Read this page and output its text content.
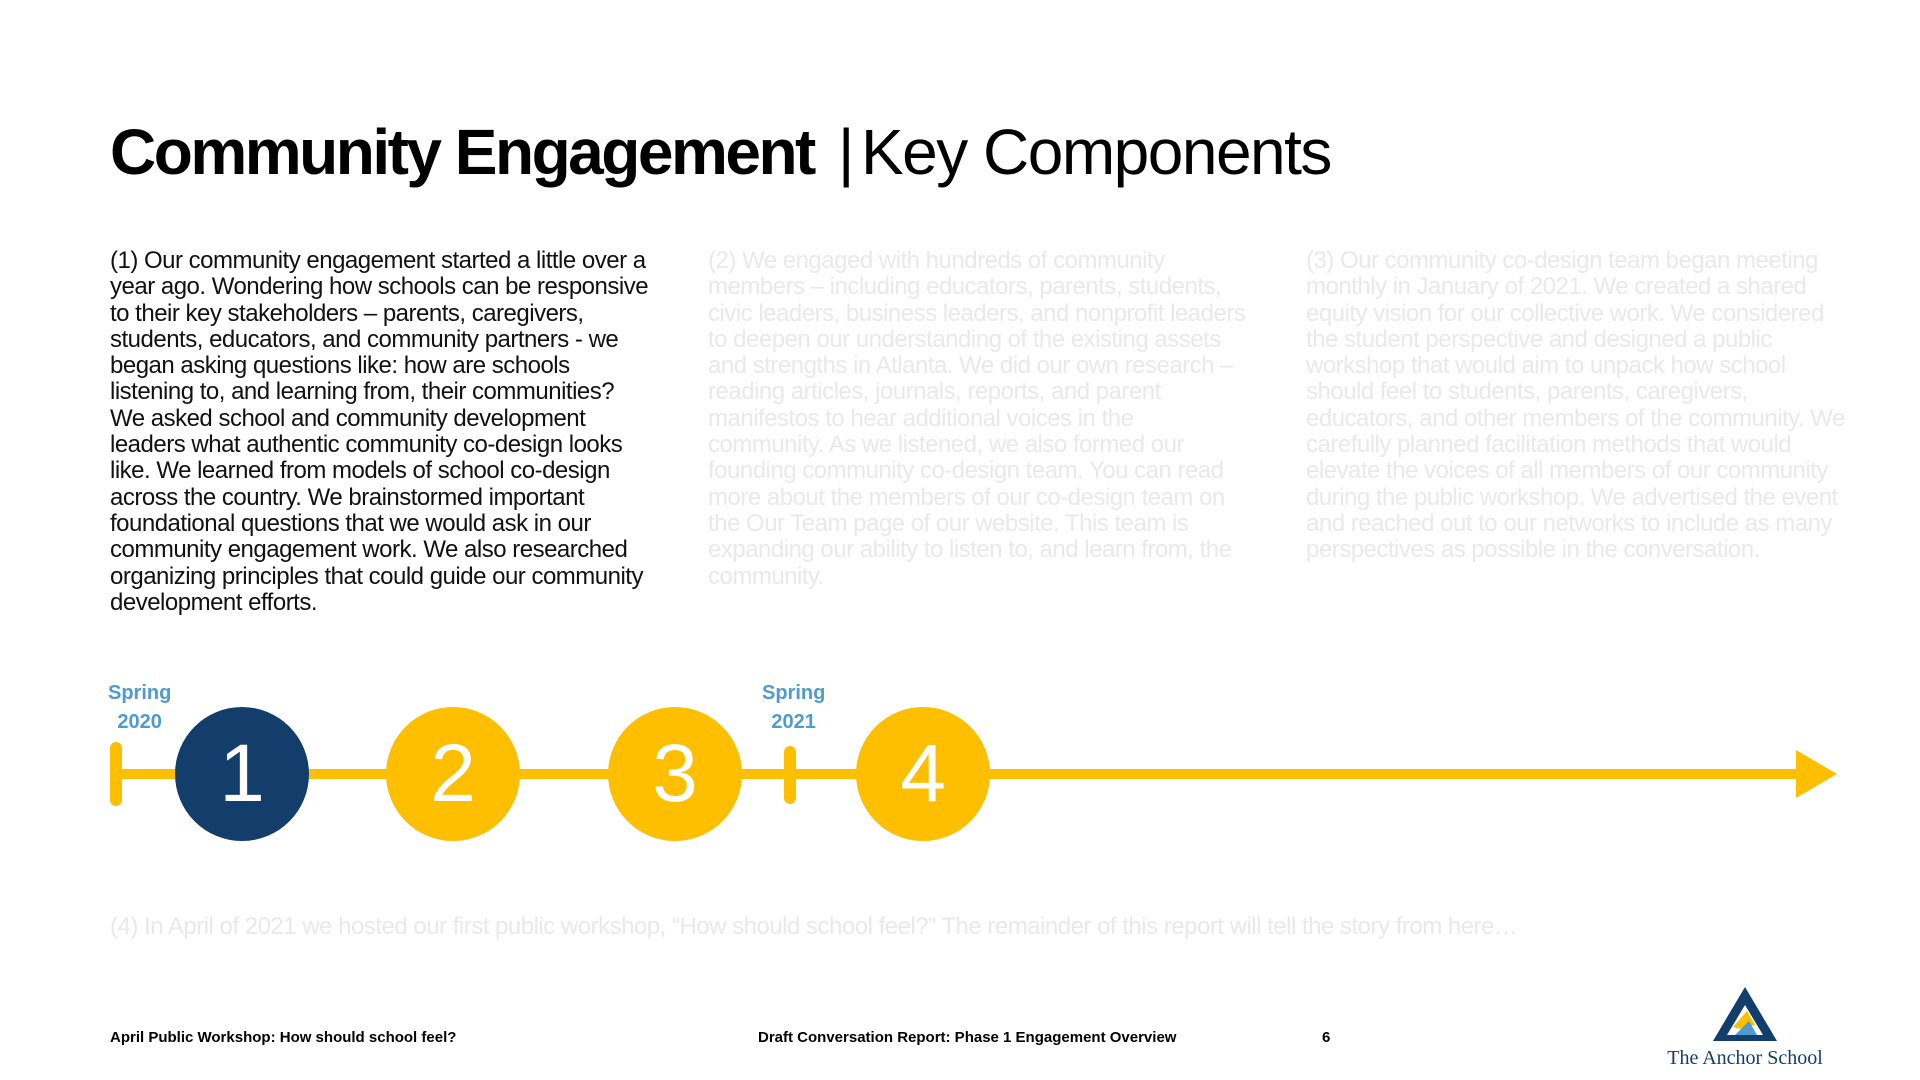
Community Engagement | Key Components

(1) Our community engagement started a little over a year ago. Wondering how schools can be responsive to their key stakeholders – parents, caregivers, students, educators, and community partners - we began asking questions like: how are schools listening to, and learning from, their communities? We asked school and community development leaders what authentic community co-design looks like. We learned from models of school co-design across the country. We brainstormed important foundational questions that we would ask in our community engagement work. We also researched organizing principles that could guide our community development efforts.

(2) We engaged with hundreds of community members – including educators, parents, students, civic leaders, business leaders, and nonprofit leaders to deepen our understanding of the existing assets and strengths in Atlanta. We did our own research – reading articles, journals, reports, and parent manifestos to hear additional voices in the community. As we listened, we also formed our founding community co-design team. You can read more about the members of our co-design team on the Our Team page of our website. This team is expanding our ability to listen to, and learn from, the community.

(3) Our community co-design team began meeting monthly in January of 2021. We created a shared equity vision for our collective work. We considered the student perspective and designed a public workshop that would aim to unpack how school should feel to students, parents, caregivers, educators, and other members of the community. We carefully planned facilitation methods that would elevate the voices of all members of our community during the public workshop. We advertised the event and reached out to our networks to include as many perspectives as possible in the conversation.

Spring
2020
Spring
2021
1	2	3	4

(4) In April of 2021 we hosted our first public workshop, “How should school feel?” The remainder of this report will tell the story from here…

April Public Workshop: How should school feel?	Draft Conversation Report: Phase 1 Engagement Overview	6
The Anchor School
